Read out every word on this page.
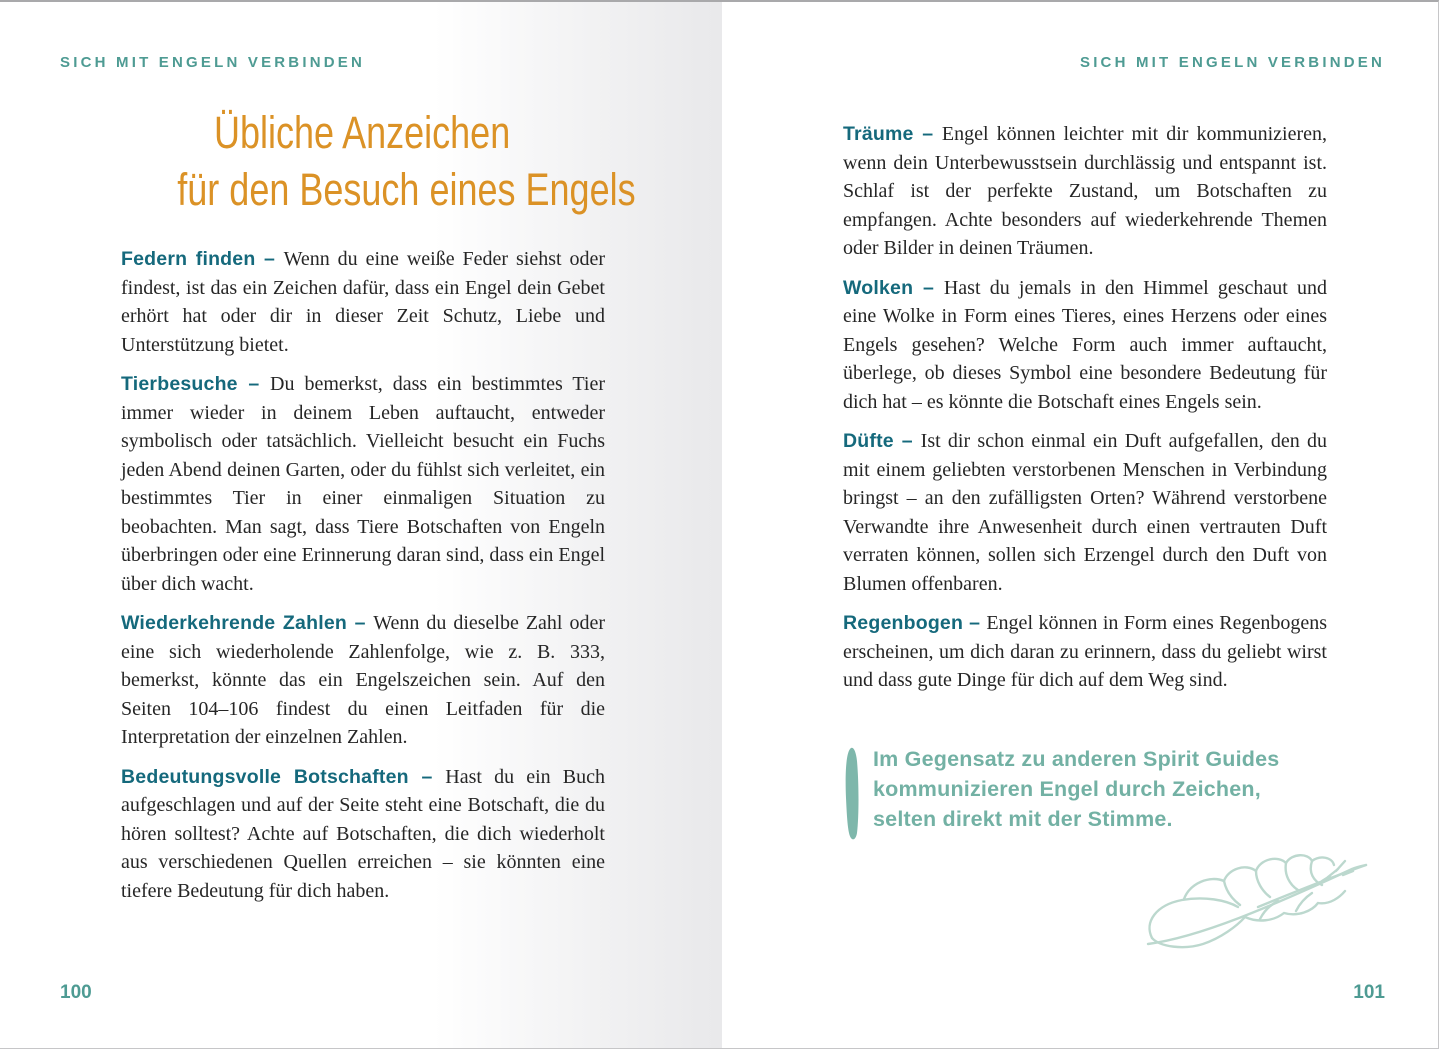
SICH MIT ENGELN VERBINDEN
Übliche Anzeichen
für den Besuch eines Engels

Federn finden – Wenn du eine weiße Feder siehst oder findest, ist das ein Zeichen dafür, dass ein Engel dein Gebet erhört hat oder dir in dieser Zeit Schutz, Liebe und Unterstützung bietet.

Tierbesuche – Du bemerkst, dass ein bestimmtes Tier immer wieder in deinem Leben auftaucht, entweder symbolisch oder tatsächlich. Vielleicht besucht ein Fuchs jeden Abend deinen Garten, oder du fühlst sich verleitet, ein bestimmtes Tier in einer einmaligen Situation zu beobachten. Man sagt, dass Tiere Botschaften von Engeln überbringen oder eine Erinnerung daran sind, dass ein Engel über dich wacht.

Wiederkehrende Zahlen – Wenn du dieselbe Zahl oder eine sich wiederholende Zahlenfolge, wie z. B. 333, bemerkst, könnte das ein Engelszeichen sein. Auf den Seiten 104–106 findest du einen Leitfaden für die Interpretation der einzelnen Zahlen.

Bedeutungsvolle Botschaften – Hast du ein Buch aufgeschlagen und auf der Seite steht eine Botschaft, die du hören solltest? Achte auf Botschaften, die dich wiederholt aus verschiedenen Quellen erreichen – sie könnten eine tiefere Bedeutung für dich haben.

100
SICH MIT ENGELN VERBINDEN

Träume – Engel können leichter mit dir kommunizieren, wenn dein Unterbewusstsein durchlässig und entspannt ist. Schlaf ist der perfekte Zustand, um Botschaften zu empfangen. Achte besonders auf wiederkehrende Themen oder Bilder in deinen Träumen.

Wolken – Hast du jemals in den Himmel geschaut und eine Wolke in Form eines Tieres, eines Herzens oder eines Engels gesehen? Welche Form auch immer auftaucht, überlege, ob dieses Symbol eine besondere Bedeutung für dich hat – es könnte die Botschaft eines Engels sein.

Düfte – Ist dir schon einmal ein Duft aufgefallen, den du mit einem geliebten verstorbenen Menschen in Verbindung bringst – an den zufälligsten Orten? Während verstorbene Verwandte ihre Anwesenheit durch einen vertrauten Duft verraten können, sollen sich Erzengel durch den Duft von Blumen offenbaren.

Regenbogen – Engel können in Form eines Regenbogens erscheinen, um dich daran zu erinnern, dass du geliebt wirst und dass gute Dinge für dich auf dem Weg sind.

Im Gegensatz zu anderen Spirit Guides kommunizieren Engel durch Zeichen, selten direkt mit der Stimme.
101
